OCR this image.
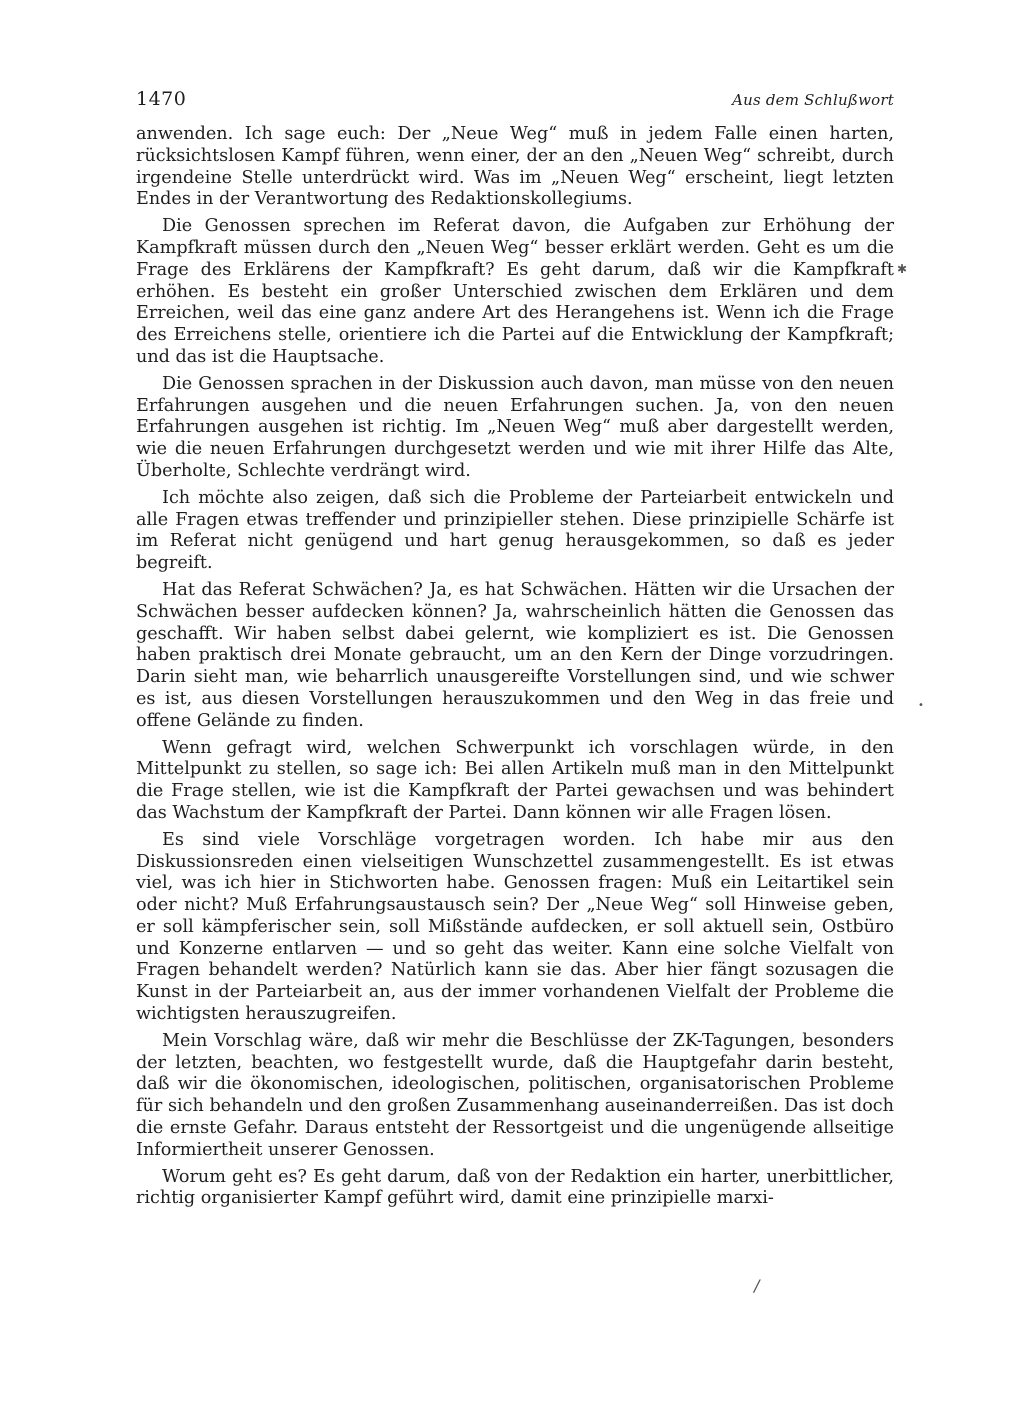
1470	Aus dem Schlußwort

anwenden. Ich sage euch: Der „Neue Weg“ muß in jedem Falle einen harten, rücksichtslosen Kampf führen, wenn einer, der an den „Neuen Weg“ schreibt, durch irgendeine Stelle unterdrückt wird. Was im „Neuen Weg“ erscheint, liegt letzten Endes in der Verantwortung des Redaktionskollegiums.

Die Genossen sprechen im Referat davon, die Aufgaben zur Erhöhung der Kampfkraft müssen durch den „Neuen Weg“ besser erklärt werden. Geht es um die Frage des Erklärens der Kampfkraft? Es geht darum, daß wir die Kampfkraft erhöhen. Es besteht ein großer Unterschied zwischen dem Erklären und dem Erreichen, weil das eine ganz andere Art des Herangehens ist. Wenn ich die Frage des Erreichens stelle, orientiere ich die Partei auf die Entwicklung der Kampfkraft; und das ist die Hauptsache.

Die Genossen sprachen in der Diskussion auch davon, man müsse von den neuen Erfahrungen ausgehen und die neuen Erfahrungen suchen. Ja, von den neuen Erfahrungen ausgehen ist richtig. Im „Neuen Weg“ muß aber dargestellt werden, wie die neuen Erfahrungen durchgesetzt werden und wie mit ihrer Hilfe das Alte, Überholte, Schlechte verdrängt wird.

Ich möchte also zeigen, daß sich die Probleme der Parteiarbeit entwickeln und alle Fragen etwas treffender und prinzipieller stehen. Diese prinzipielle Schärfe ist im Referat nicht genügend und hart genug herausgekommen, so daß es jeder begreift.

Hat das Referat Schwächen? Ja, es hat Schwächen. Hätten wir die Ursachen der Schwächen besser aufdecken können? Ja, wahrscheinlich hätten die Genossen das geschafft. Wir haben selbst dabei gelernt, wie kompliziert es ist. Die Genossen haben praktisch drei Monate gebraucht, um an den Kern der Dinge vorzudringen. Darin sieht man, wie beharrlich unausgereifte Vorstellungen sind, und wie schwer es ist, aus diesen Vorstellungen herauszukommen und den Weg in das freie und offene Gelände zu finden.

Wenn gefragt wird, welchen Schwerpunkt ich vorschlagen würde, in den Mittelpunkt zu stellen, so sage ich: Bei allen Artikeln muß man in den Mittelpunkt die Frage stellen, wie ist die Kampfkraft der Partei gewachsen und was behindert das Wachstum der Kampfkraft der Partei. Dann können wir alle Fragen lösen.

Es sind viele Vorschläge vorgetragen worden. Ich habe mir aus den Diskussionsreden einen vielseitigen Wunschzettel zusammengestellt. Es ist etwas viel, was ich hier in Stichworten habe. Genossen fragen: Muß ein Leitartikel sein oder nicht? Muß Erfahrungsaustausch sein? Der „Neue Weg“ soll Hinweise geben, er soll kämpferischer sein, soll Mißstände aufdecken, er soll aktuell sein, Ostbüro und Konzerne entlarven — und so geht das weiter. Kann eine solche Vielfalt von Fragen behandelt werden? Natürlich kann sie das. Aber hier fängt sozusagen die Kunst in der Parteiarbeit an, aus der immer vorhandenen Vielfalt der Probleme die wichtigsten herauszugreifen.

Mein Vorschlag wäre, daß wir mehr die Beschlüsse der ZK-Tagungen, besonders der letzten, beachten, wo festgestellt wurde, daß die Hauptgefahr darin besteht, daß wir die ökonomischen, ideologischen, politischen, organisatorischen Probleme für sich behandeln und den großen Zusammenhang auseinanderreißen. Das ist doch die ernste Gefahr. Daraus entsteht der Ressortgeist und die ungenügende allseitige Informiertheit unserer Genossen.

Worum geht es? Es geht darum, daß von der Redaktion ein harter, unerbittlicher, richtig organisierter Kampf geführt wird, damit eine prinzipielle marxi-

✱
/
•
